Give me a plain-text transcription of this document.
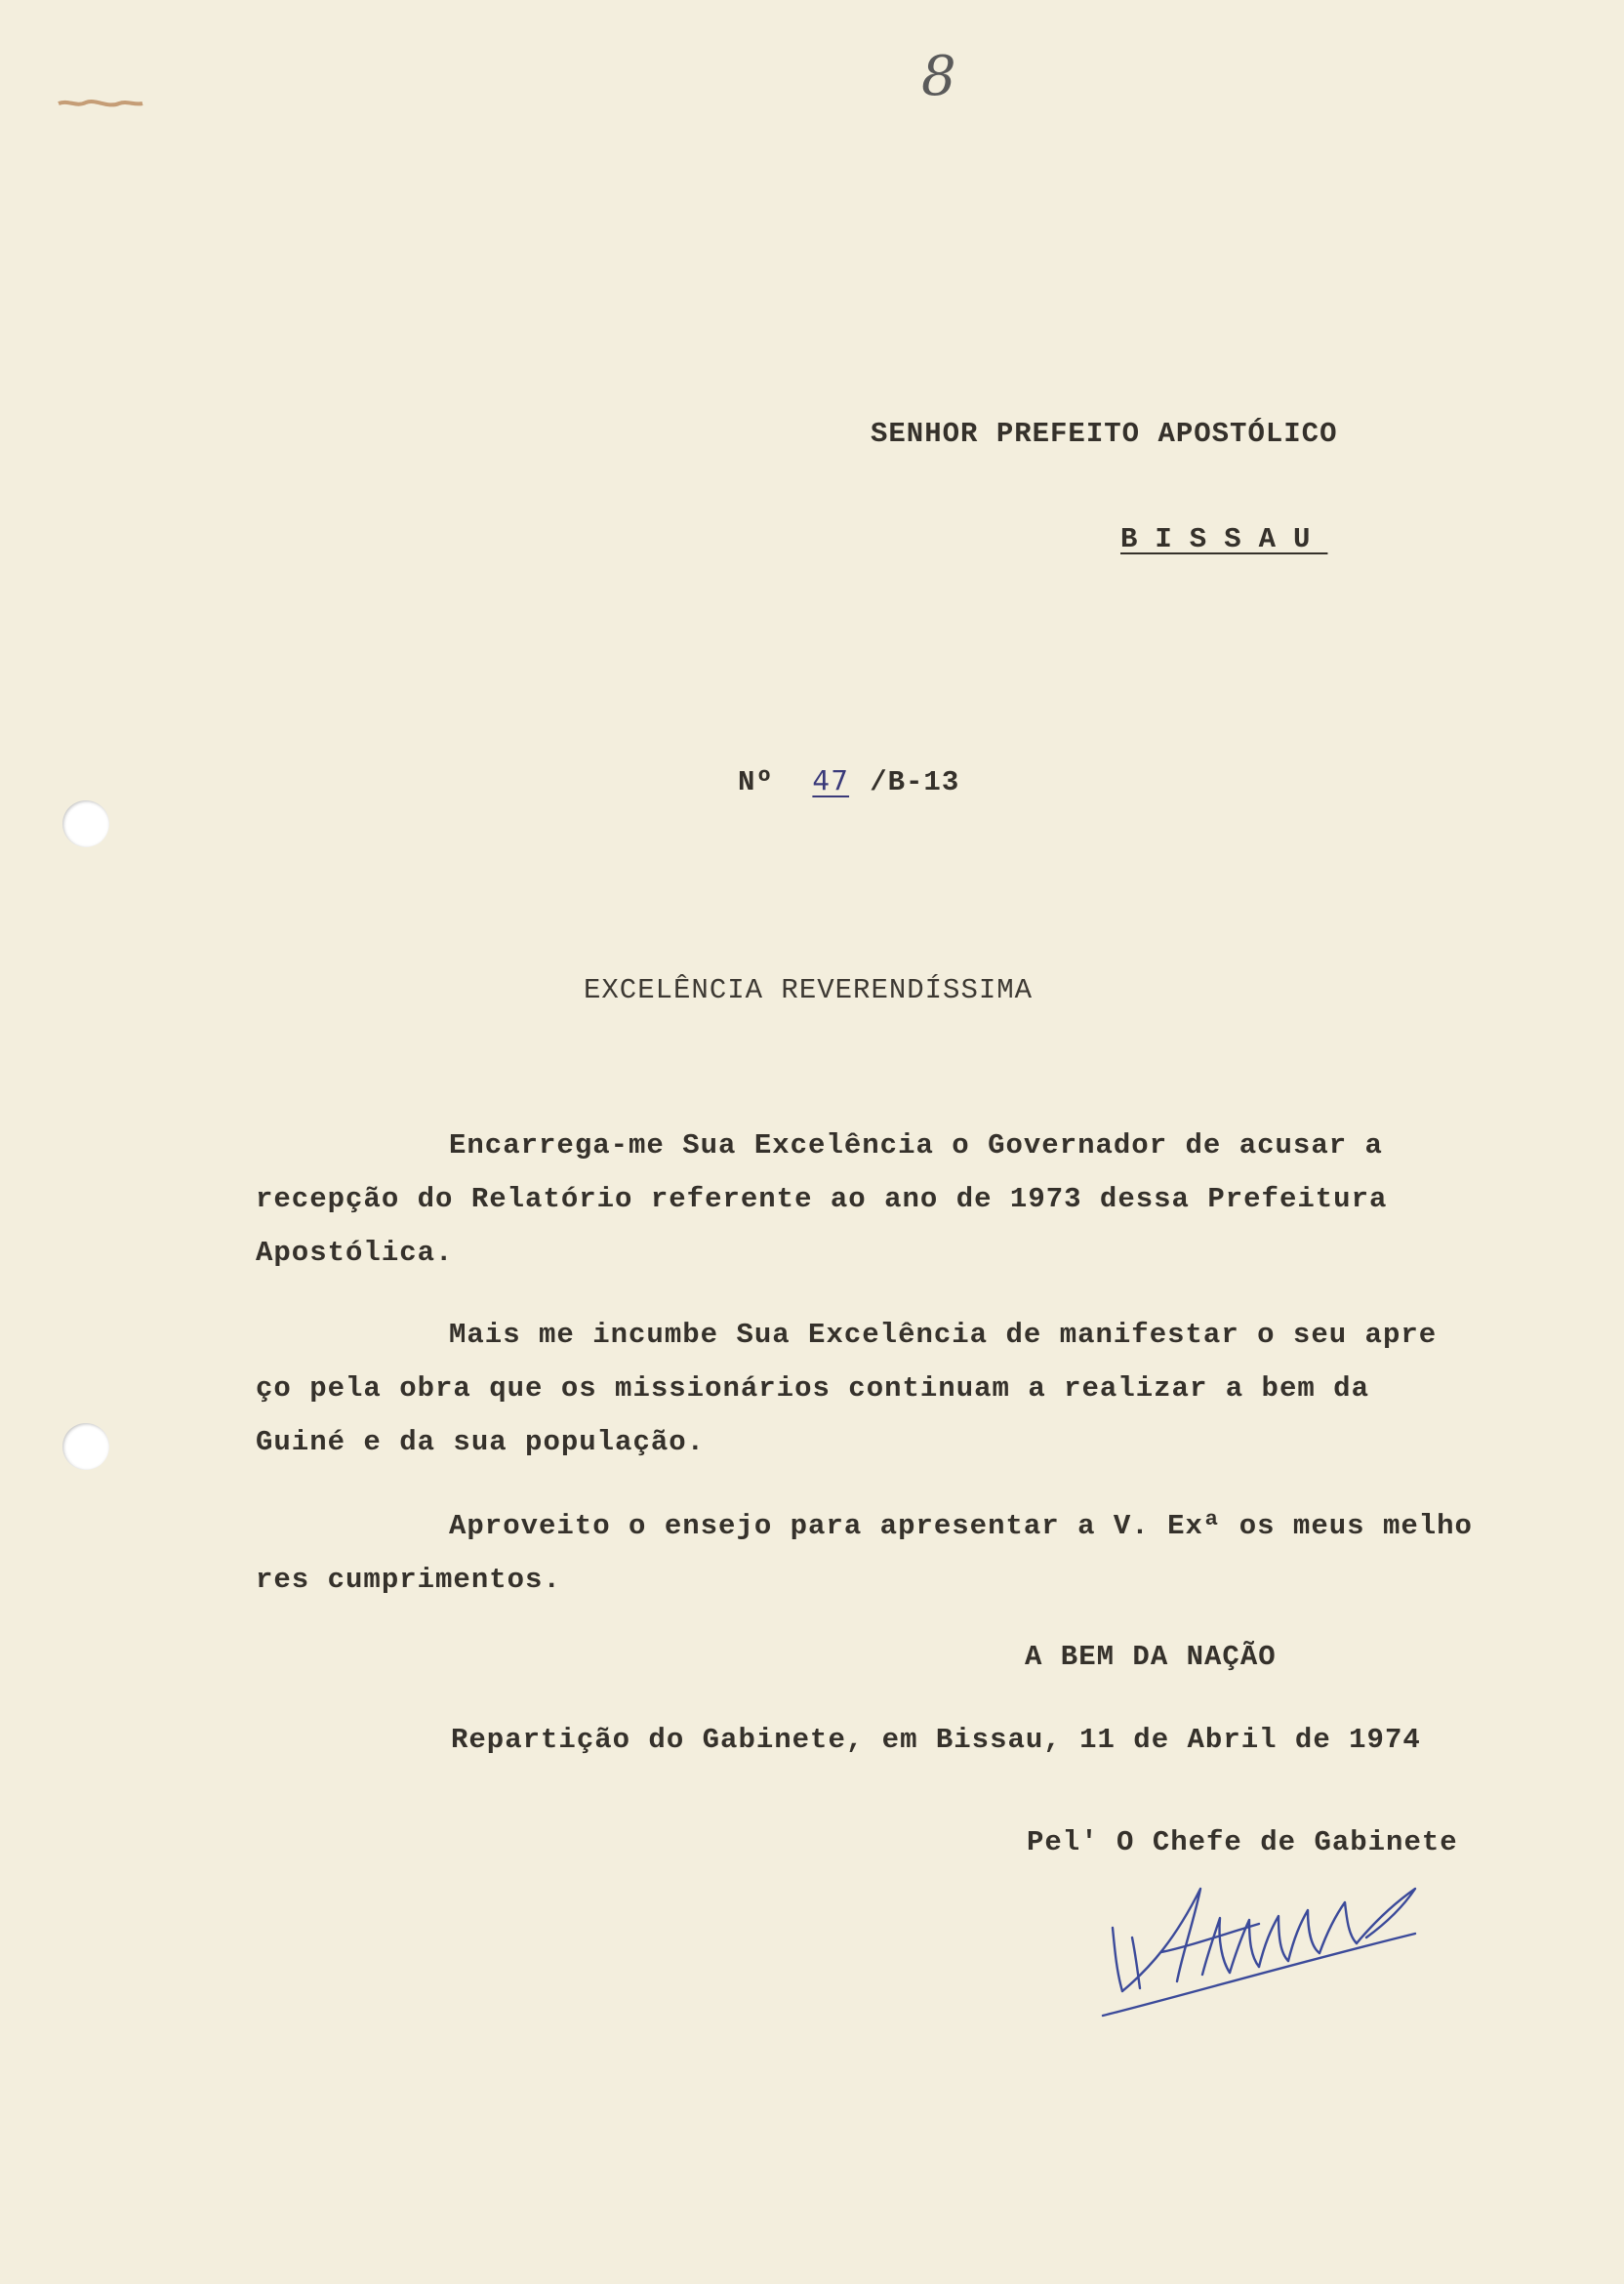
8
SENHOR PREFEITO APOSTÓLICO
BISSAU
Nº 47 /B-13
EXCELÊNCIA REVERENDÍSSIMA
Encarrega-me Sua Excelência o Governador de acusar a
recepção do Relatório referente ao ano de 1973 dessa Prefeitura
Apostólica.
Mais me incumbe Sua Excelência de manifestar o seu apre
ço pela obra que os missionários continuam a realizar a bem da
Guiné e da sua população.
Aproveito o ensejo para apresentar a V. Exª os meus melho
res cumprimentos.
A BEM DA NAÇÃO
Repartição do Gabinete, em Bissau, 11 de Abril de 1974
Pel' O Chefe de Gabinete
